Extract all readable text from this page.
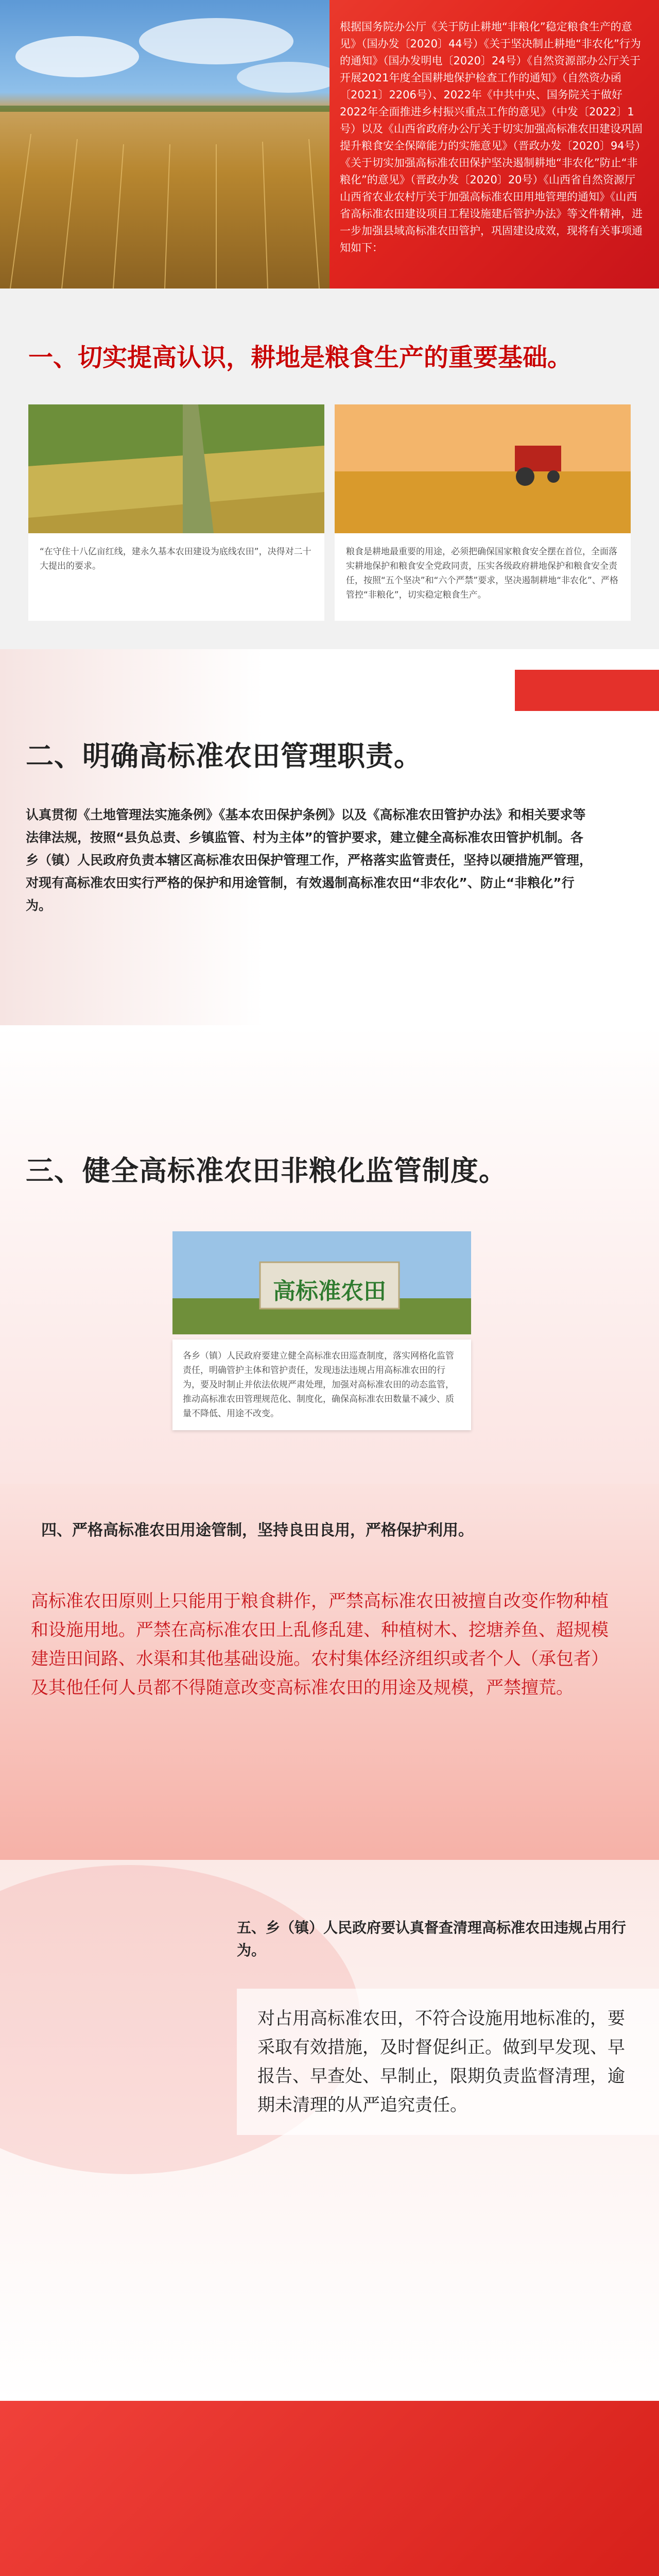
根据国务院办公厅《关于防止耕地“非粮化”稳定粮食生产的意见》（国办发〔2020〕44号）《关于坚决制止耕地“非农化”行为的通知》（国办发明电〔2020〕24号）《自然资源部办公厅关于开展2021年度全国耕地保护检查工作的通知》（自然资办函〔2021〕2206号）、2022年《中共中央、国务院关于做好2022年全面推进乡村振兴重点工作的意见》（中发〔2022〕1号）以及《山西省政府办公厅关于切实加强高标准农田建设巩固提升粮食安全保障能力的实施意见》（晋政办发〔2020〕94号）《关于切实加强高标准农田保护坚决遏制耕地“非农化”防止“非粮化”的意见》（晋政办发〔2020〕20号）《山西省自然资源厅山西省农业农村厅关于加强高标准农田用地管理的通知》《山西省高标准农田建设项目工程设施建后管护办法》等文件精神，进一步加强县域高标准农田管护，巩固建设成效，现将有关事项通知如下：
一、切实提高认识，耕地是粮食生产的重要基础。
“在守住十八亿亩红线，建永久基本农田建设为底线农田”，决得对二十大提出的要求。
粮食是耕地最重要的用途，必须把确保国家粮食安全摆在首位，全面落实耕地保护和粮食安全党政同责，压实各级政府耕地保护和粮食安全责任，按照“五个坚决”和“六个严禁”要求，坚决遏制耕地“非农化”、严格管控“非粮化”，切实稳定粮食生产。
二、明确高标准农田管理职责。
认真贯彻《土地管理法实施条例》《基本农田保护条例》以及《高标准农田管护办法》和相关要求等法律法规，按照“县负总责、乡镇监管、村为主体”的管护要求，建立健全高标准农田管护机制。各乡（镇）人民政府负责本辖区高标准农田保护管理工作，严格落实监管责任，坚持以硬措施严管理，对现有高标准农田实行严格的保护和用途管制，有效遏制高标准农田“非农化”、防止“非粮化”行为。
三、健全高标准农田非粮化监管制度。
高标准农田
各乡（镇）人民政府要建立健全高标准农田巡查制度，落实网格化监管责任，明确管护主体和管护责任，发现违法违规占用高标准农田的行为，要及时制止并依法依规严肃处理，加强对高标准农田的动态监管，推动高标准农田管理规范化、制度化，确保高标准农田数量不减少、质量不降低、用途不改变。
四、严格高标准农田用途管制，坚持良田良用，严格保护利用。
高标准农田原则上只能用于粮食耕作，严禁高标准农田被擅自改变作物种植和设施用地。严禁在高标准农田上乱修乱建、种植树木、挖塘养鱼、超规模建造田间路、水渠和其他基础设施。农村集体经济组织或者个人（承包者）及其他任何人员都不得随意改变高标准农田的用途及规模，严禁擅荒。
五、乡（镇）人民政府要认真督查清理高标准农田违规占用行为。
对占用高标准农田，不符合设施用地标准的，要采取有效措施，及时督促纠正。做到早发现、早报告、早查处、早制止，限期负责监督清理，逾期未清理的从严追究责任。
